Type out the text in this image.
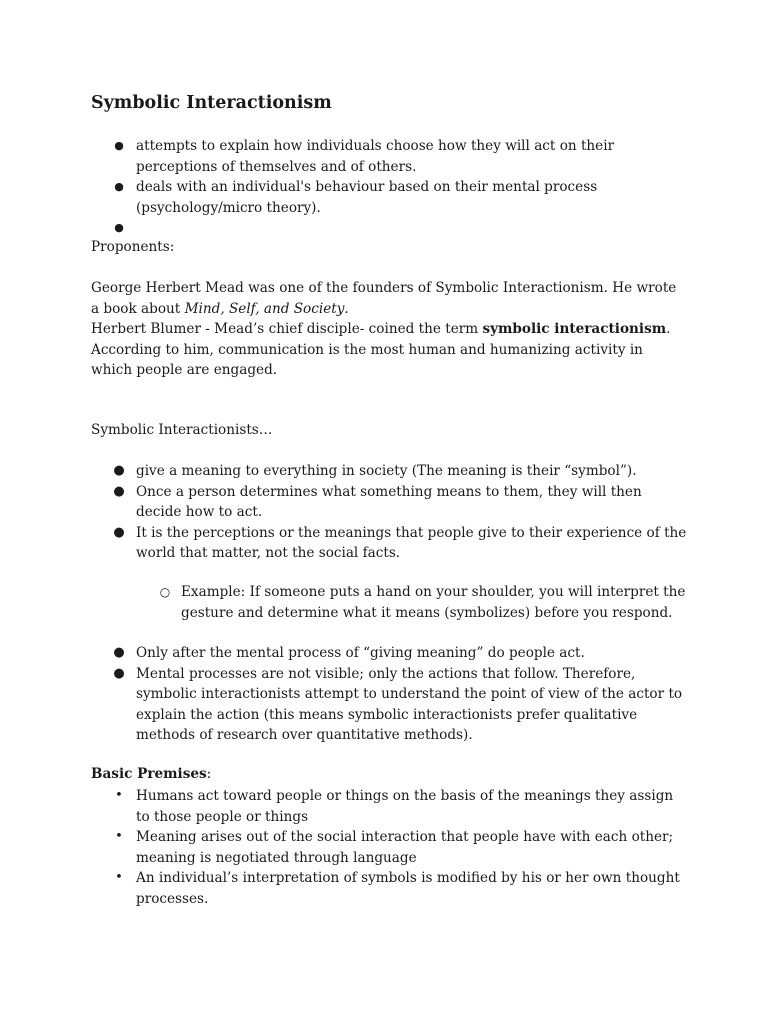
Symbolic Interactionism
● attempts to explain how individuals choose how they will act on their perceptions of themselves and of others.
● deals with an individual's behaviour based on their mental process (psychology/micro theory).
●

Proponents:

George Herbert Mead was one of the founders of Symbolic Interactionism. He wrote a book about Mind, Self, and Society.

Herbert Blumer - Mead’s chief disciple- coined the term symbolic interactionism. According to him, communication is the most human and humanizing activity in which people are engaged.

Symbolic Interactionists…

● give a meaning to everything in society (The meaning is their “symbol”).
● Once a person determines what something means to them, they will then decide how to act.
● It is the perceptions or the meanings that people give to their experience of the world that matter, not the social facts.
○ Example: If someone puts a hand on your shoulder, you will interpret the gesture and determine what it means (symbolizes) before you respond.
● Only after the mental process of “giving meaning” do people act.
● Mental processes are not visible; only the actions that follow. Therefore, symbolic interactionists attempt to understand the point of view of the actor to explain the action (this means symbolic interactionists prefer qualitative methods of research over quantitative methods).

Basic Premises:

• Humans act toward people or things on the basis of the meanings they assign to those people or things
• Meaning arises out of the social interaction that people have with each other; meaning is negotiated through language
• An individual’s interpretation of symbols is modified by his or her own thought processes.
